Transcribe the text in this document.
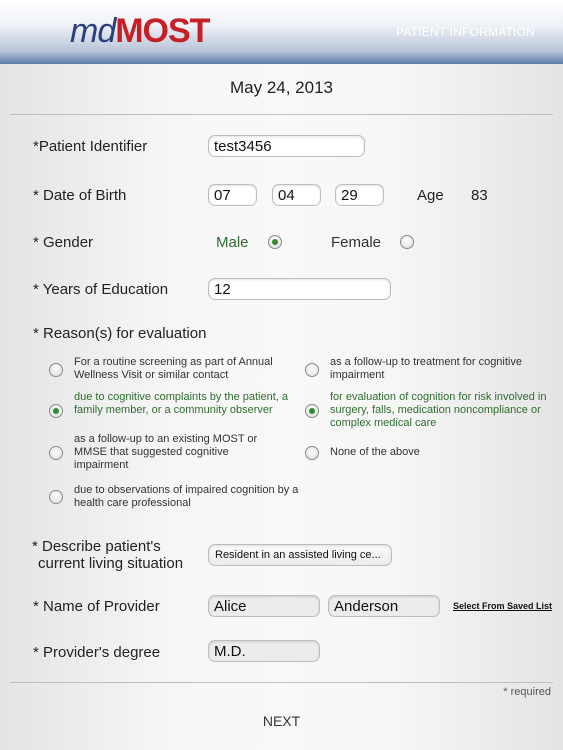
mdMOST	PATIENT INFORMATION
May 24, 2013
*Patient Identifier	test3456
* Date of Birth	07	04	29	Age 83
* Gender	Male	Female
* Years of Education	12
* Reason(s) for evaluation
For a routine screening as part of Annual Wellness Visit or similar contact
as a follow-up to treatment for cognitive impairment
due to cognitive complaints by the patient, a family member, or a community observer
for evaluation of cognition for risk involved in surgery, falls, medication noncompliance or complex medical care
as a follow-up to an existing MOST or MMSE that suggested cognitive impairment
None of the above
due to observations of impaired cognition by a health care professional
* Describe patient's
current living situation	Resident in an assisted living ce...
* Name of Provider	Alice	Anderson	Select From Saved List
* Provider's degree	M.D.
* required
NEXT
